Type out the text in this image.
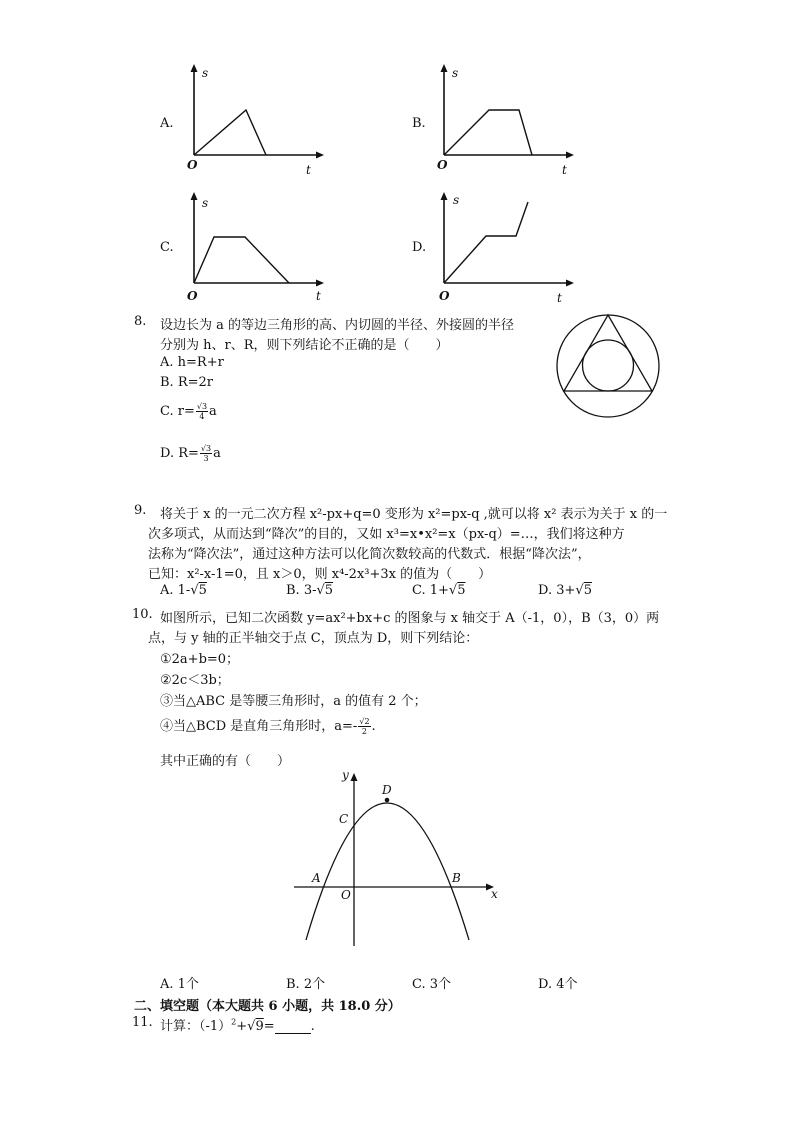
A.
O
s
t
B.
O
s
t
C.
O
s
t
D.
O
s
t
8. 设边长为 a 的等边三角形的高、内切圆的半径、外接圆的半径
分别为 h、r、R，则下列结论不正确的是（　　）
A. h=R+r
B. R=2r
C. $r= \frac{√3}{4}$ a
D. $R= \frac{√3}{3}$ a
9. 将关于 x 的一元二次方程 x²-px+q=0 变形为 x²=px-q ,就可以将 x² 表示为关于 x 的一
次多项式，从而达到“降次”的目的，又如 x³=x•x²=x（px-q）=…，我们将这种方
法称为“降次法”，通过这种方法可以化简次数较高的代数式．根据“降次法”，
已知：x²-x-1=0，且 x＞0，则 x⁴-2x³+3x 的值为（　　）
A. 1-√5	B. 3-√5	C. 1+√5	D. 3+√5
10. 如图所示，已知二次函数 y=ax²+bx+c 的图象与 x 轴交于 A（-1，0），B（3，0）两
点，与 y 轴的正半轴交于点 C，顶点为 D，则下列结论：
①2a+b=0；
②2c＜3b；
③当△ABC 是等腰三角形时，a 的值有 2 个；
④当△BCD 是直角三角形时，$a=- \frac{√2}{2}$ .
其中正确的有（　　）
y
x
O
A	B
C
D
A. 1个	B. 2个	C. 3个	D. 4个
二、填空题（本大题共 6 小题，共 18.0 分）
11. 计算：$(-1)^2+√9=$	.
